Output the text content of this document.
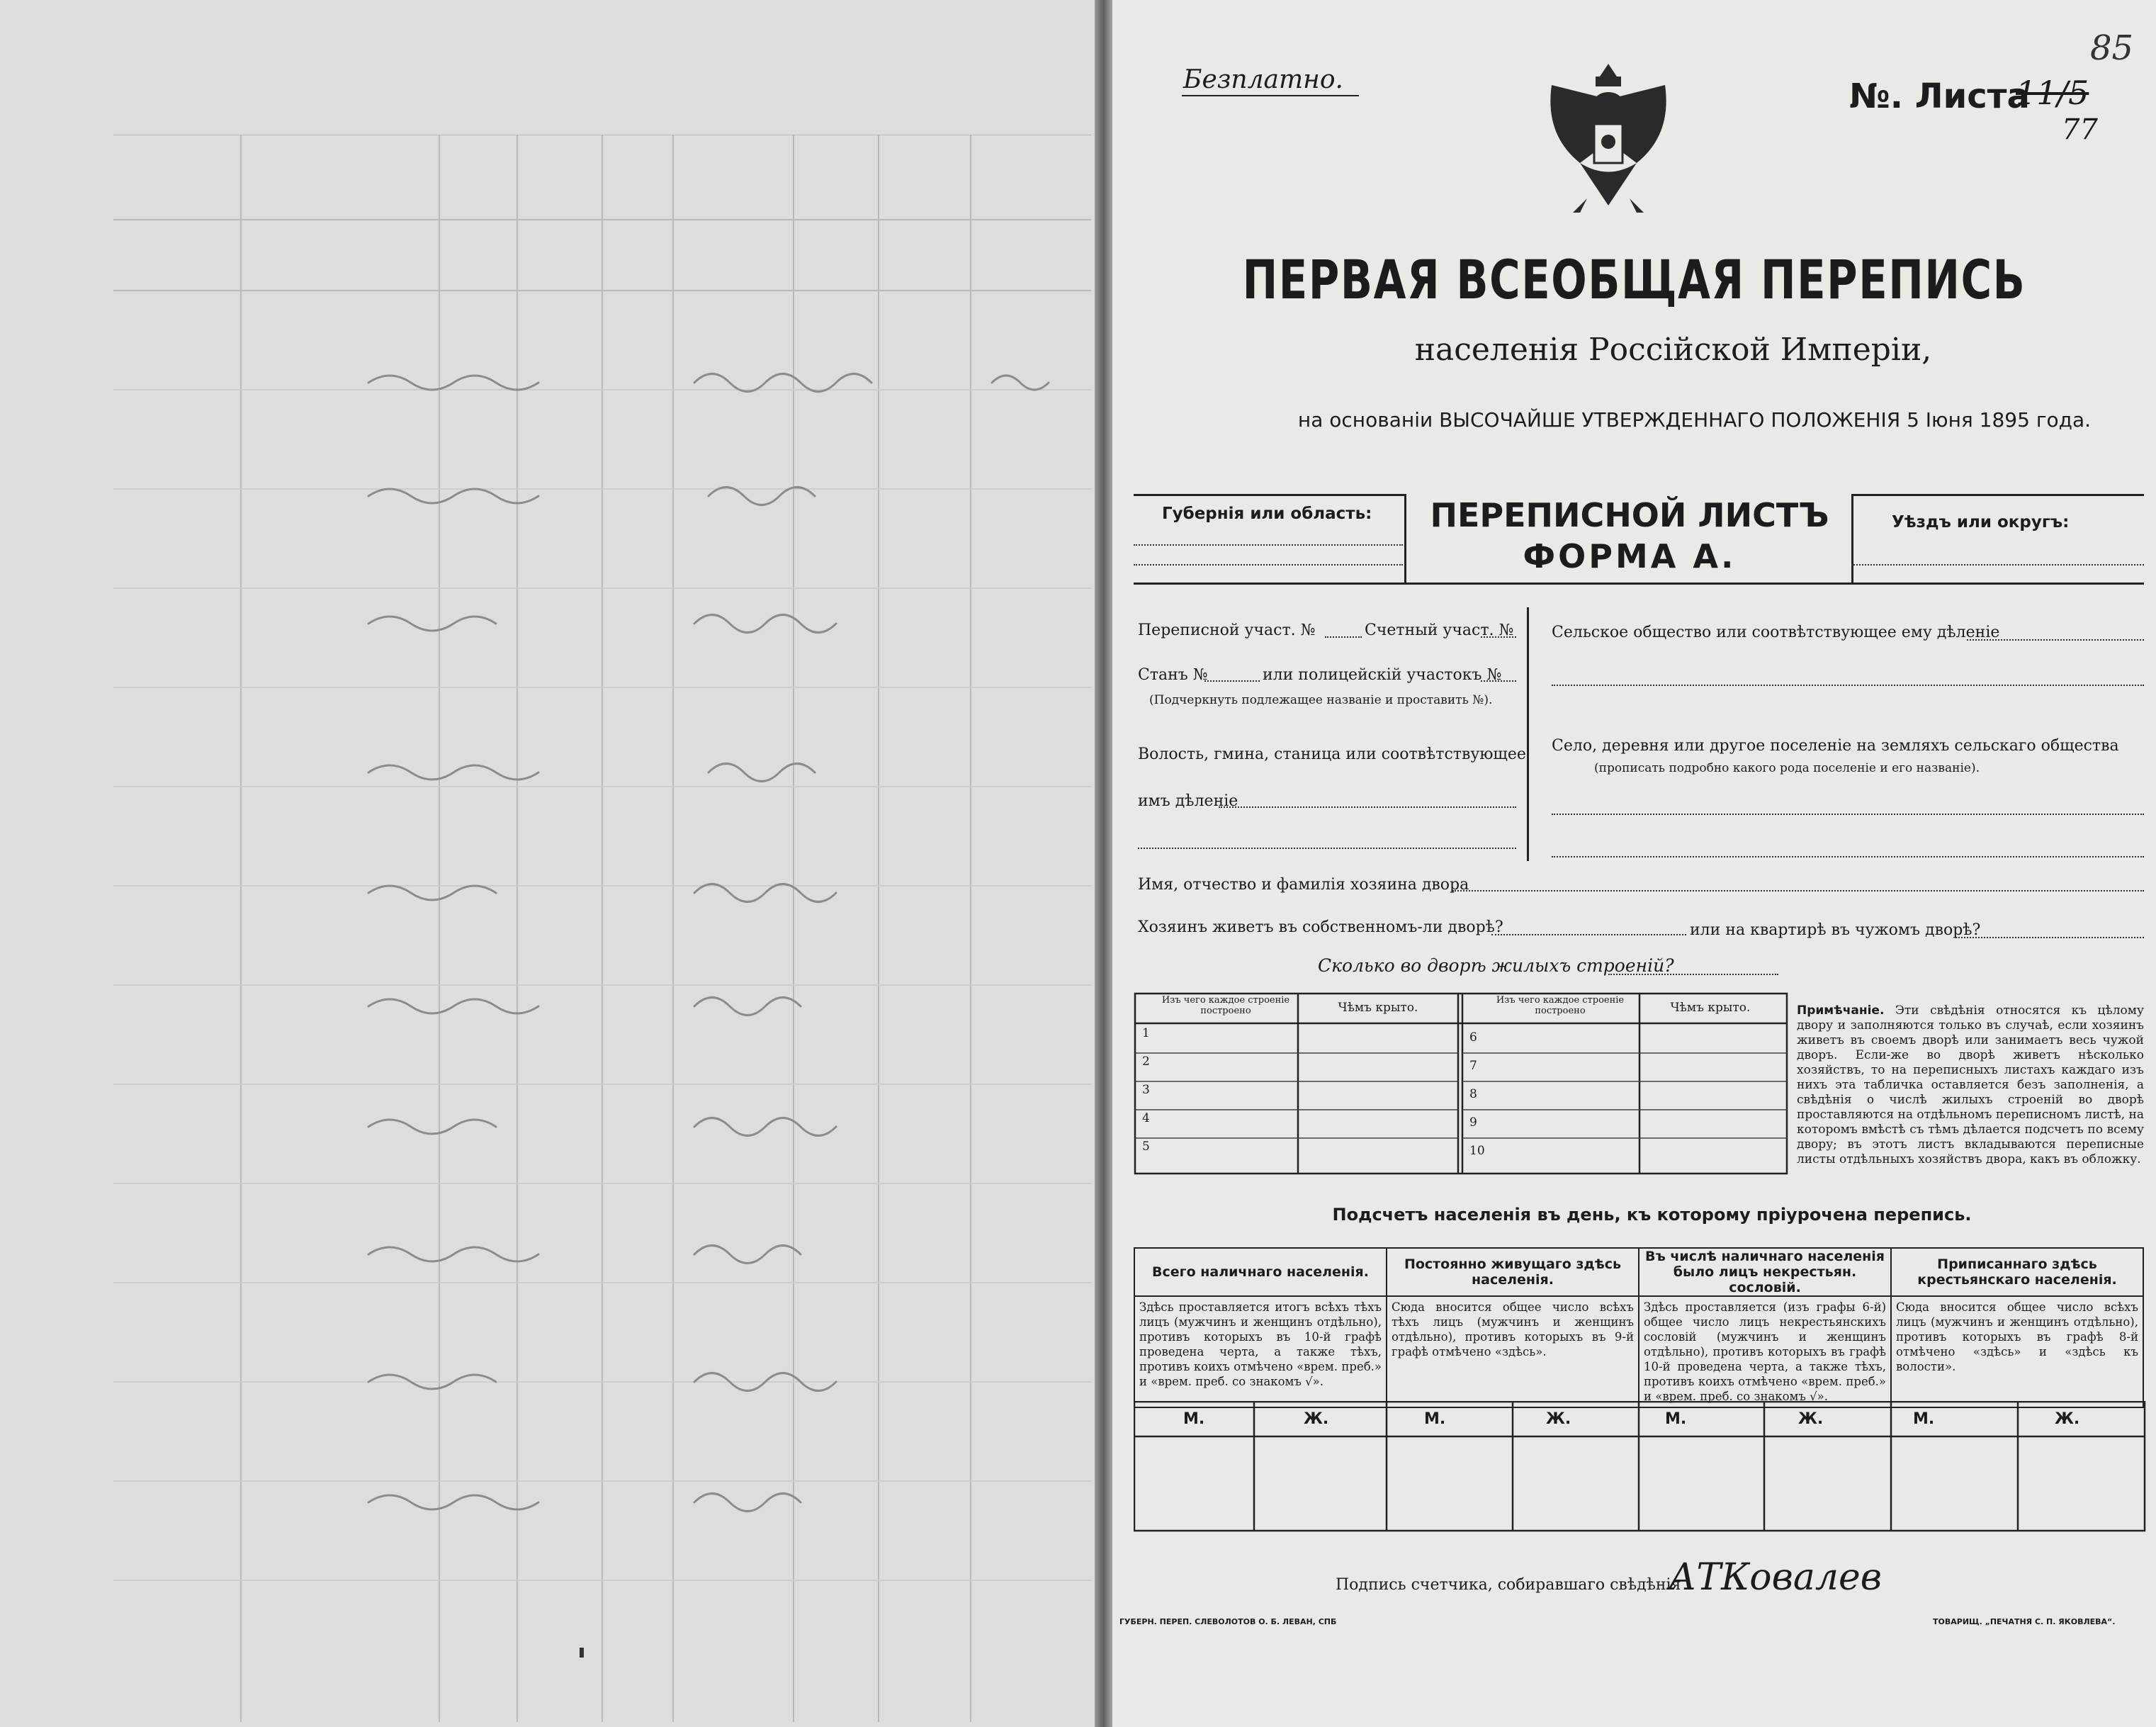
Безплатно.	№. Листа
11/5
77
85
ПЕРВАЯ ВСЕОБЩАЯ ПЕРЕПИСЬ
населенія Россійской Имперіи,
на основаніи ВЫСОЧАЙШЕ УТВЕРЖДЕННАГО ПОЛОЖЕНІЯ 5 Іюня 1895 года.
Губернія или область:	ПЕРЕПИСНОЙ ЛИСТЪ
ФОРМА А.
Уѣздъ или округъ:
Переписной участ. №	Счетный участ. №
Станъ №	или полицейскій участокъ №
(Подчеркнуть подлежащее названіе и проставить №).
Волость, гмина, станица или соотвѣтствующее
имъ дѣленіе
Сельское общество или соотвѣтствующее ему дѣленіе
Село, деревня или другое поселеніе на земляхъ сельскаго общества
(прописать подробно какого рода поселеніе и его названіе).
Имя, отчество и фамилія хозяина двора
Хозяинъ живетъ въ собственномъ-ли дворѣ?	или на квартирѣ въ чужомъ дворѣ?
Сколько во дворѣ жилыхъ строеній?
Изъ чего каждое строеніе построено	Чѣмъ крыто.
Изъ чего каждое строеніе построено	Чѣмъ крыто.
1
2
3
4
5
6
7
8
9
10
Примѣчаніе. Эти свѣдѣнія относятся къ цѣлому двору и заполняются только въ случаѣ, если хозяинъ живетъ въ своемъ дворѣ или занимаетъ весь чужой дворъ. Если-же во дворѣ живетъ нѣсколько хозяйствъ, то на переписныхъ листахъ каждаго изъ нихъ эта табличка оставляется безъ заполненія, а свѣдѣнія о числѣ жилыхъ строеній во дворѣ проставляются на отдѣльномъ переписномъ листѣ, на которомъ вмѣстѣ съ тѣмъ дѣлается подсчетъ по всему двору; въ этотъ листъ вкладываются переписные листы отдѣльныхъ хозяйствъ двора, какъ въ обложку.
Подсчетъ населенія въ день, къ которому пріурочена перепись.
Всего наличнаго населенія.	Постоянно живущаго здѣсь населенія.	Въ числѣ наличнаго населенія было лицъ некрестьян. сословій.	Приписаннаго здѣсь крестьянскаго населенія.

Здѣсь проставляется итогъ всѣхъ тѣхъ лицъ (мужчинъ и женщинъ отдѣльно), противъ которыхъ въ 10-й графѣ проведена черта, а также тѣхъ, противъ коихъ отмѣчено «врем. преб.» и «врем. преб. со знакомъ √».	Сюда вносится общее число всѣхъ тѣхъ лицъ (мужчинъ и женщинъ отдѣльно), противъ которыхъ въ 9-й графѣ отмѣчено «здѣсь».	Здѣсь проставляется (изъ графы 6-й) общее число лицъ некрестьянскихъ сословій (мужчинъ и женщинъ отдѣльно), противъ которыхъ въ графѣ 10-й проведена черта, а также тѣхъ, противъ коихъ отмѣчено «врем. преб.» и «врем. преб. со знакомъ √».	Сюда вносится общее число всѣхъ лицъ (мужчинъ и женщинъ отдѣльно), противъ которыхъ въ графѣ 8-й отмѣчено «здѣсь» и «здѣсь къ волости».
М.	Ж.	М.	Ж.	М.	Ж.	М.	Ж.
Подпись счетчика, собиравшаго свѣдѣнія
АТКовалев
ГУБЕРН. ПЕРЕП. СЛЕВОЛОТОВ О. Б. ЛЕВАН, СПБ	ТОВАРИЩ. „ПЕЧАТНЯ С. П. ЯКОВЛЕВА“.
